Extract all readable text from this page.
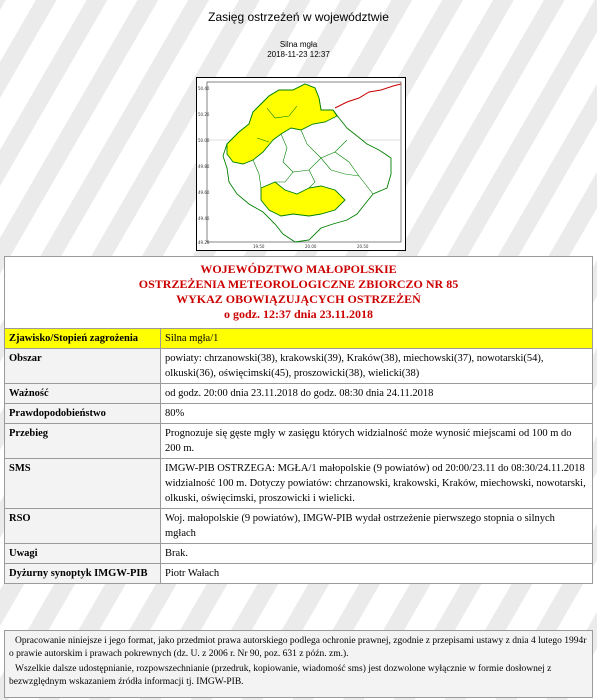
Zasięg ostrzeżeń w województwie
Silna mgła
2018-11-23 12:37
50.40
50.20
50.00
49.80
49.60
49.40
49.20
19.50	20.00	20.50
WOJEWÓDZTWO MAŁOPOLSKIE
OSTRZEŻENIA METEOROLOGICZNE ZBIORCZO NR 85
WYKAZ OBOWIĄZUJĄCYCH OSTRZEŻEŃ
o godz. 12:37 dnia 23.11.2018	

Zjawisko/Stopień zagrożenia	Silna mgła/1
Obszar	powiaty: chrzanowski(38), krakowski(39), Kraków(38), miechowski(37), nowotarski(54), olkuski(36), oświęcimski(45), proszowicki(38), wielicki(38)
Ważność	od godz. 20:00 dnia 23.11.2018 do godz. 08:30 dnia 24.11.2018
Prawdopodobieństwo	80%
Przebieg	Prognozuje się gęste mgły w zasięgu których widzialność może wynosić miejscami od 100 m do 200 m.
SMS	IMGW-PIB OSTRZEGA: MGŁA/1 małopolskie (9 powiatów) od 20:00/23.11 do 08:30/24.11.2018 widzialność 100 m. Dotyczy powiatów: chrzanowski, krakowski, Kraków, miechowski, nowotarski, olkuski, oświęcimski, proszowicki i wielicki.
RSO	Woj. małopolskie (9 powiatów), IMGW-PIB wydał ostrzeżenie pierwszego stopnia o silnych mgłach
Uwagi	Brak.
Dyżurny synoptyk IMGW-PIB	Piotr Wałach

Opracowanie niniejsze i jego format, jako przedmiot prawa autorskiego podlega ochronie prawnej, zgodnie z przepisami ustawy z dnia 4 lutego 1994r o prawie autorskim i prawach pokrewnych (dz. U. z 2006 r. Nr 90, poz. 631 z późn. zm.).

Wszelkie dalsze udostępnianie, rozpowszechnianie (przedruk, kopiowanie, wiadomość sms) jest dozwolone wyłącznie w formie dosłownej z bezwzględnym wskazaniem źródła informacji tj. IMGW-PIB.
